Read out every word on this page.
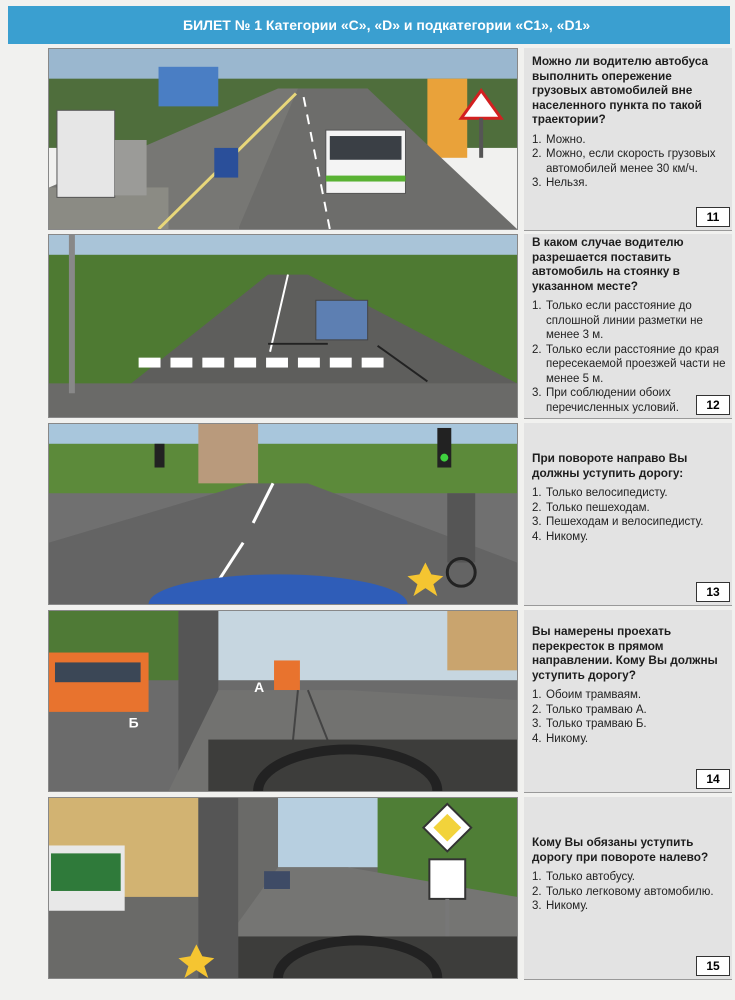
БИЛЕТ № 1 Категории «С», «D» и подкатегории «С1», «D1»
Можно ли водителю автобуса выполнить опережение грузовых автомобилей вне населенного пункта по такой траектории?
1. Можно.
2. Можно, если скорость грузовых автомобилей менее 30 км/ч.
3. Нельзя.
11
В каком случае водителю разрешается поставить автомобиль на стоянку в указанном месте?
1. Только если расстояние до сплошной линии разметки не менее 3 м.
2. Только если расстояние до края пересекаемой проезжей части не менее 5 м.
3. При соблюдении обоих перечисленных условий.	12
При повороте направо Вы должны уступить дорогу:
1. Только велосипедисту.
2. Только пешеходам.
3. Пешеходам и велосипедисту.
4. Никому.
13
А
Б
Вы намерены проехать перекресток в прямом направлении. Кому Вы должны уступить дорогу?
1. Обоим трамваям.
2. Только трамваю А.
3. Только трамваю Б.
4. Никому.
14
Кому Вы обязаны уступить дорогу при повороте налево?
1. Только автобусу.
2. Только легковому автомобилю.
3. Никому.
15
